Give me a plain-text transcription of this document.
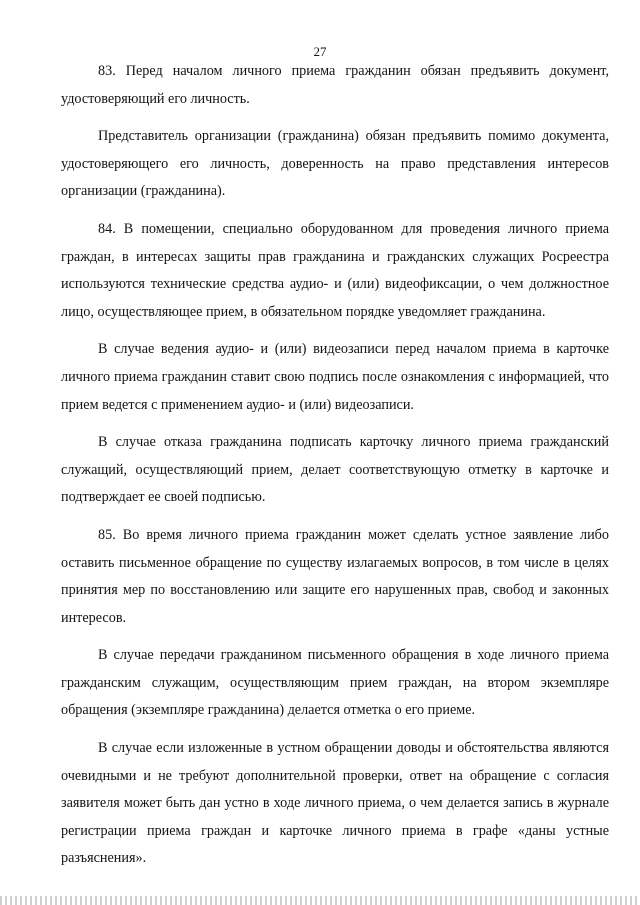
27

83. Перед началом личного приема гражданин обязан предъявить документ, удостоверяющий его личность.

Представитель организации (гражданина) обязан предъявить помимо документа, удостоверяющего его личность, доверенность на право представления интересов организации (гражданина).

84. В помещении, специально оборудованном для проведения личного приема граждан, в интересах защиты прав гражданина и гражданских служащих Росреестра используются технические средства аудио- и (или) видеофиксации, о чем должностное лицо, осуществляющее прием, в обязательном порядке уведомляет гражданина.

В случае ведения аудио- и (или) видеозаписи перед началом приема в карточке личного приема гражданин ставит свою подпись после ознакомления с информацией, что прием ведется с применением аудио- и (или) видеозаписи.

В случае отказа гражданина подписать карточку личного приема гражданский служащий, осуществляющий прием, делает соответствующую отметку в карточке и подтверждает ее своей подписью.

85. Во время личного приема гражданин может сделать устное заявление либо оставить письменное обращение по существу излагаемых вопросов, в том числе в целях принятия мер по восстановлению или защите его нарушенных прав, свобод и законных интересов.

В случае передачи гражданином письменного обращения в ходе личного приема гражданским служащим, осуществляющим прием граждан, на втором экземпляре обращения (экземпляре гражданина) делается отметка о его приеме.

В случае если изложенные в устном обращении доводы и обстоятельства являются очевидными и не требуют дополнительной проверки, ответ на обращение с согласия заявителя может быть дан устно в ходе личного приема, о чем делается запись в журнале регистрации приема граждан и карточке личного приема в графе «даны устные разъяснения».
